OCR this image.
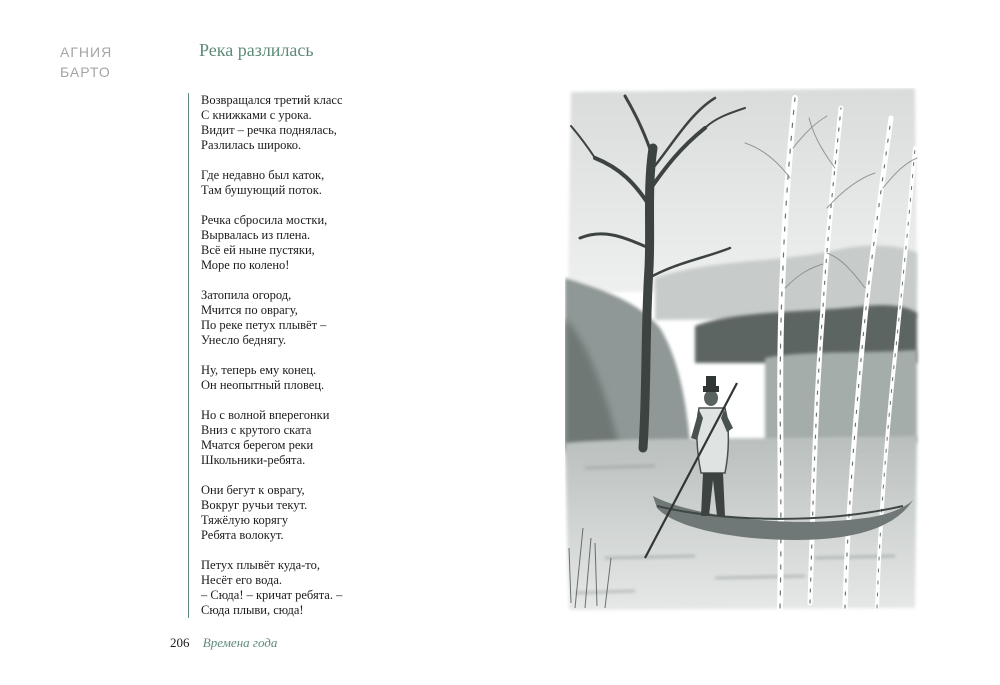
АГНИЯ
БАРТО
Река разлилась
Возвращался третий класс
С книжками с урока.
Видит – речка поднялась,
Разлилась широко.
Где недавно был каток,
Там бушующий поток.
Речка сбросила мостки,
Вырвалась из плена.
Всё ей ныне пустяки,
Море по колено!
Затопила огород,
Мчится по оврагу,
По реке петух плывёт –
Унесло беднягу.
Ну, теперь ему конец.
Он неопытный пловец.
Но с волной вперегонки
Вниз с крутого ската
Мчатся берегом реки
Школьники-ребята.
Они бегут к оврагу,
Вокруг ручьи текут.
Тяжёлую корягу
Ребята волокут.
Петух плывёт куда-то,
Несёт его вода.
– Сюда! – кричат ребята. –
Сюда плыви, сюда!
206 Времена года
